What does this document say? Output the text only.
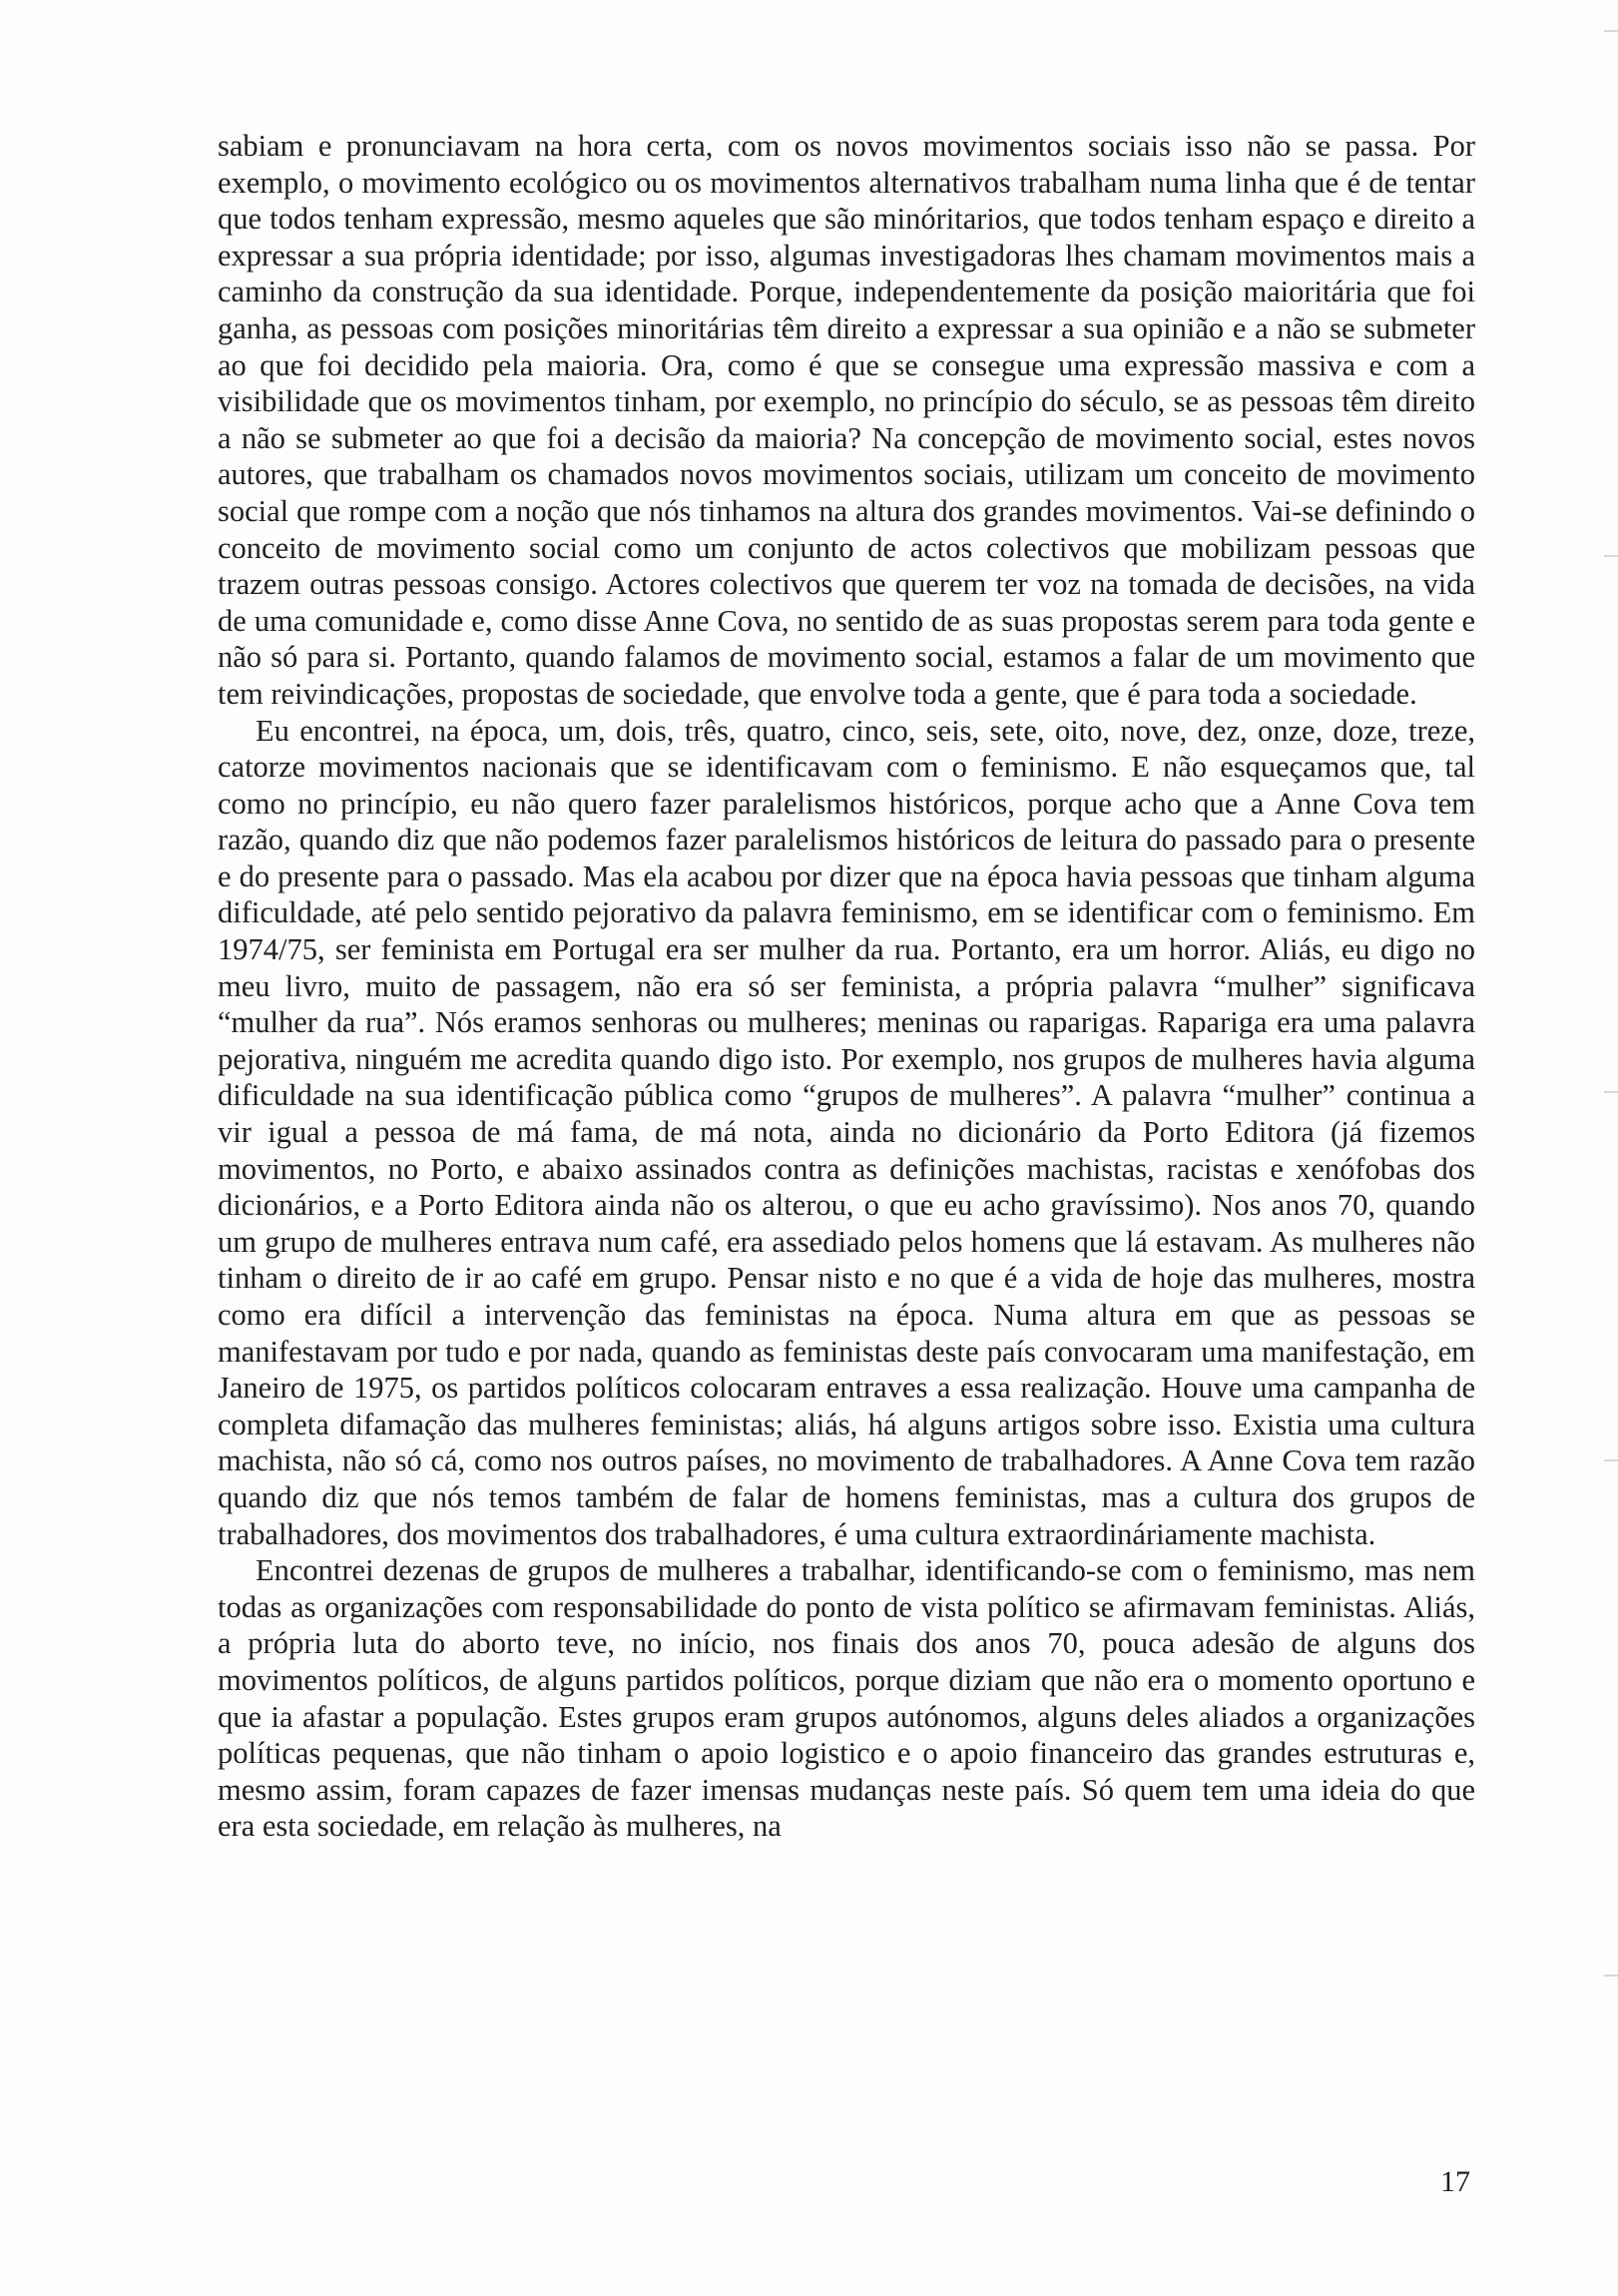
sabiam e pronunciavam na hora certa, com os novos movimentos sociais isso não se passa. Por exemplo, o movimento ecológico ou os movimentos alternativos trabalham numa linha que é de tentar que todos tenham expressão, mesmo aqueles que são minóritarios, que todos tenham espaço e direito a expressar a sua própria identidade; por isso, algumas investigadoras lhes chamam movimentos mais a caminho da construção da sua identidade. Porque, independentemente da posição maioritária que foi ganha, as pessoas com posições minoritárias têm direito a expressar a sua opinião e a não se submeter ao que foi decidido pela maioria. Ora, como é que se consegue uma expressão massiva e com a visibilidade que os movimentos tinham, por exemplo, no princípio do século, se as pessoas têm direito a não se submeter ao que foi a decisão da maioria? Na concepção de movimento social, estes novos autores, que trabalham os chamados novos movimentos sociais, utilizam um conceito de movimento social que rompe com a noção que nós tinhamos na altura dos grandes movimentos. Vai-se definindo o conceito de movimento social como um conjunto de actos colectivos que mobilizam pessoas que trazem outras pessoas consigo. Actores colectivos que querem ter voz na tomada de decisões, na vida de uma comunidade e, como disse Anne Cova, no sentido de as suas propostas serem para toda gente e não só para si. Portanto, quando falamos de movimento social, estamos a falar de um movimento que tem reivindicações, propostas de sociedade, que envolve toda a gente, que é para toda a sociedade.

Eu encontrei, na época, um, dois, três, quatro, cinco, seis, sete, oito, nove, dez, onze, doze, treze, catorze movimentos nacionais que se identificavam com o feminismo. E não esqueçamos que, tal como no princípio, eu não quero fazer paralelismos históricos, porque acho que a Anne Cova tem razão, quando diz que não podemos fazer paralelismos históricos de leitura do passado para o presente e do presente para o passado. Mas ela acabou por dizer que na época havia pessoas que tinham alguma dificuldade, até pelo sentido pejorativo da palavra feminismo, em se identificar com o feminismo. Em 1974/75, ser feminista em Portugal era ser mulher da rua. Portanto, era um horror. Aliás, eu digo no meu livro, muito de passagem, não era só ser feminista, a própria palavra “mulher” significava “mulher da rua”. Nós eramos senhoras ou mulheres; meninas ou raparigas. Rapariga era uma palavra pejorativa, ninguém me acredita quando digo isto. Por exemplo, nos grupos de mulheres havia alguma dificuldade na sua identificação pública como “grupos de mulheres”. A palavra “mulher” continua a vir igual a pessoa de má fama, de má nota, ainda no dicionário da Porto Editora (já fizemos movimentos, no Porto, e abaixo assinados contra as definições machistas, racistas e xenófobas dos dicionários, e a Porto Editora ainda não os alterou, o que eu acho gravíssimo). Nos anos 70, quando um grupo de mulheres entrava num café, era assediado pelos homens que lá estavam. As mulheres não tinham o direito de ir ao café em grupo. Pensar nisto e no que é a vida de hoje das mulheres, mostra como era difícil a intervenção das feministas na época. Numa altura em que as pessoas se manifestavam por tudo e por nada, quando as feministas deste país convocaram uma manifestação, em Janeiro de 1975, os partidos políticos colocaram entraves a essa realização. Houve uma campanha de completa difamação das mulheres feministas; aliás, há alguns artigos sobre isso. Existia uma cultura machista, não só cá, como nos outros países, no movimento de trabalhadores. A Anne Cova tem razão quando diz que nós temos também de falar de homens feministas, mas a cultura dos grupos de trabalhadores, dos movimentos dos trabalhadores, é uma cultura extraordináriamente machista.

Encontrei dezenas de grupos de mulheres a trabalhar, identificando-se com o feminismo, mas nem todas as organizações com responsabilidade do ponto de vista político se afirmavam feministas. Aliás, a própria luta do aborto teve, no início, nos finais dos anos 70, pouca adesão de alguns dos movimentos políticos, de alguns partidos políticos, porque diziam que não era o momento oportuno e que ia afastar a população. Estes grupos eram grupos autónomos, alguns deles aliados a organizações políticas pequenas, que não tinham o apoio logistico e o apoio financeiro das grandes estruturas e, mesmo assim, foram capazes de fazer imensas mudanças neste país. Só quem tem uma ideia do que era esta sociedade, em relação às mulheres, na

17
